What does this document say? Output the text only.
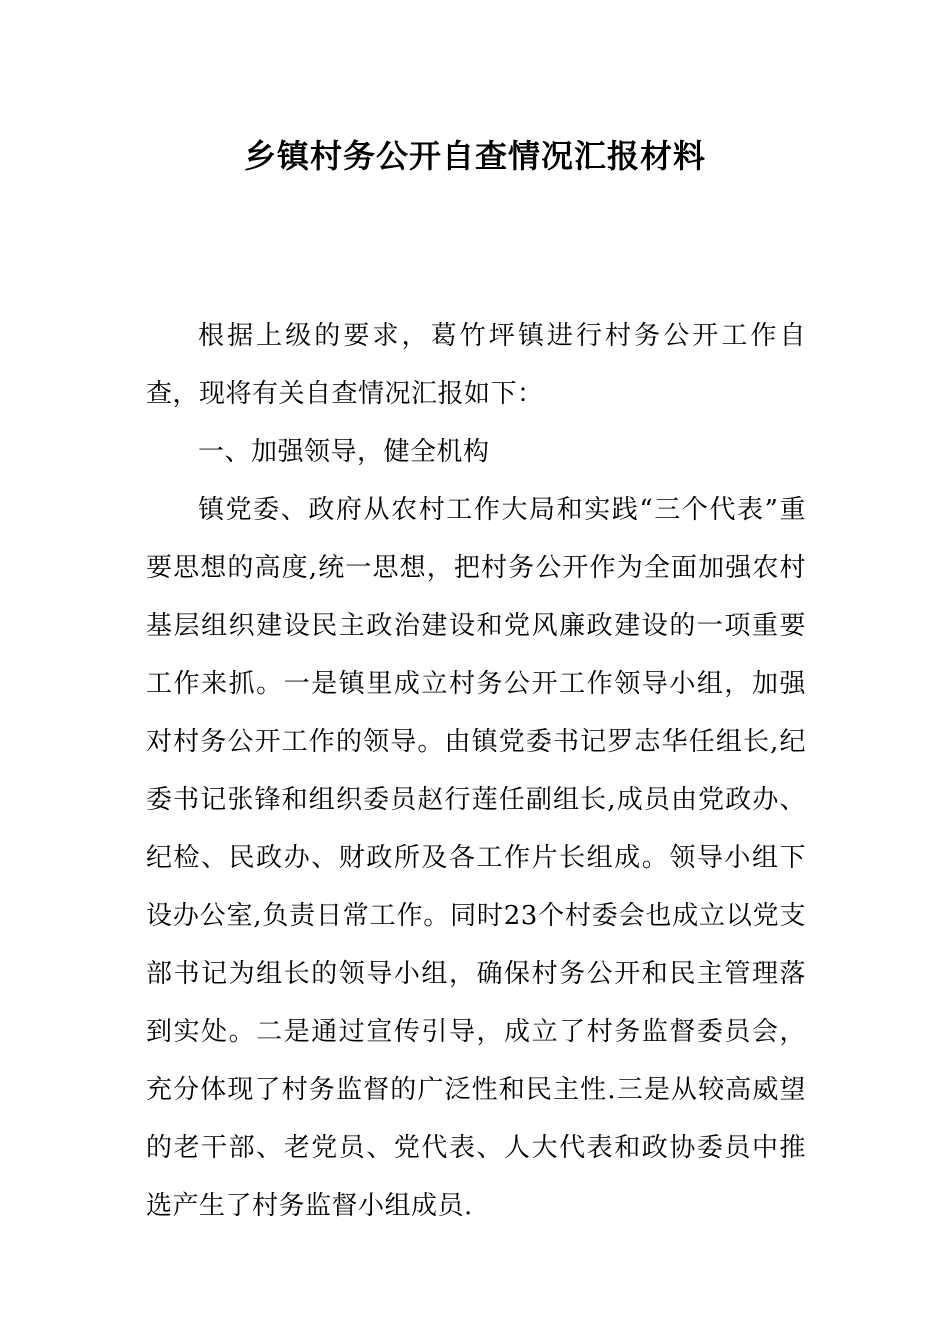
乡镇村务公开自查情况汇报材料

根据上级的要求，葛竹坪镇进行村务公开工作自查，现将有关自查情况汇报如下：

一、加强领导，健全机构

镇党委、政府从农村工作大局和实践“三个代表”重要思想的高度,统一思想，把村务公开作为全面加强农村基层组织建设民主政治建设和党风廉政建设的一项重要工作来抓。一是镇里成立村务公开工作领导小组，加强对村务公开工作的领导。由镇党委书记罗志华任组长,纪委书记张锋和组织委员赵行莲任副组长,成员由党政办、纪检、民政办、财政所及各工作片长组成。领导小组下设办公室,负责日常工作。同时23个村委会也成立以党支部书记为组长的领导小组，确保村务公开和民主管理落到实处。二是通过宣传引导，成立了村务监督委员会，充分体现了村务监督的广泛性和民主性.三是从较高威望的老干部、老党员、党代表、人大代表和政协委员中推选产生了村务监督小组成员.
